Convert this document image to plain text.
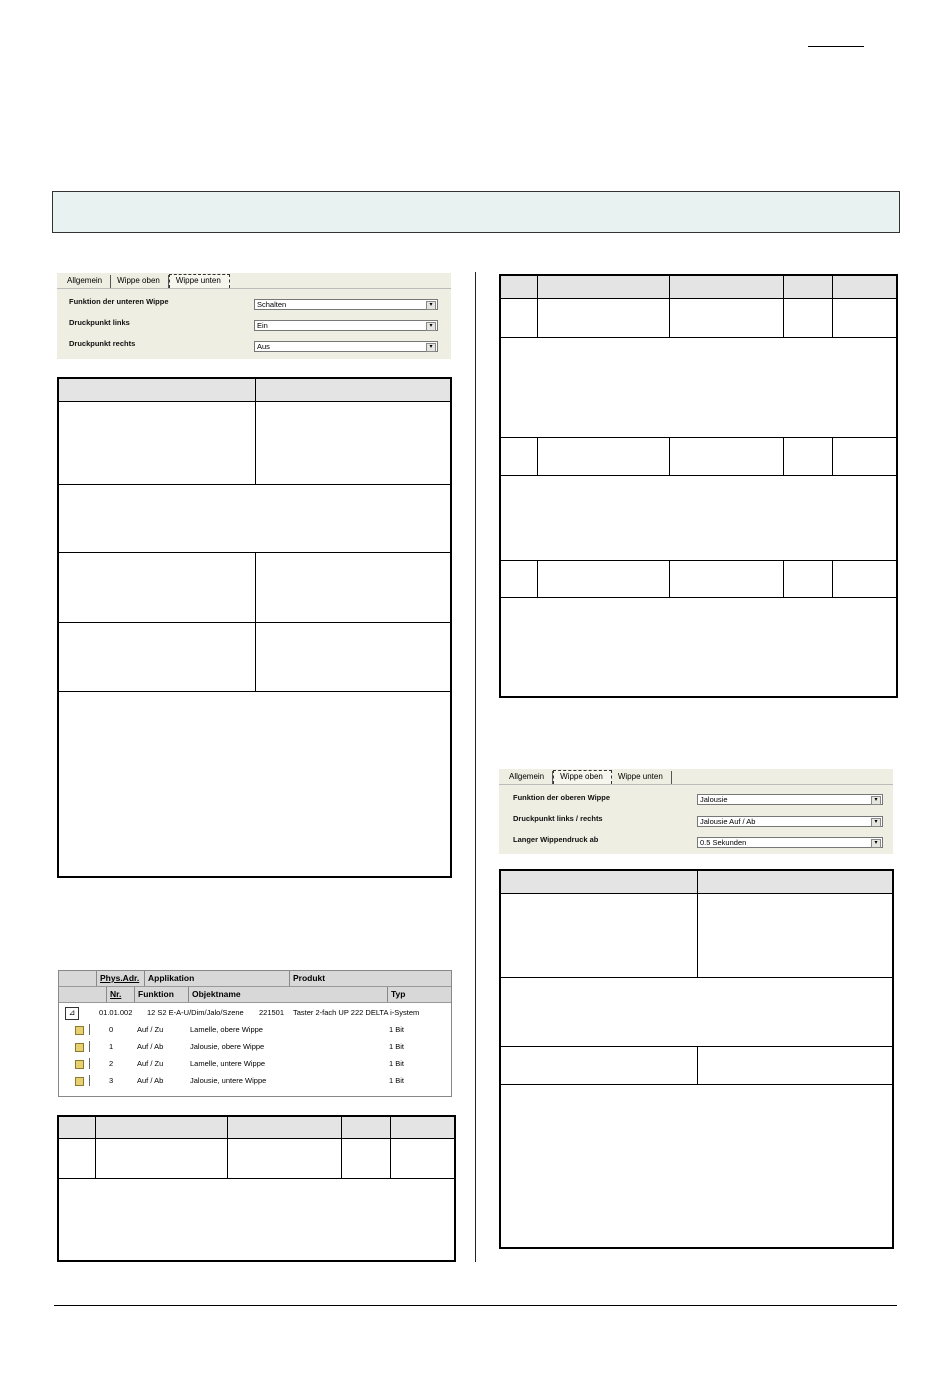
Allgemein	Wippe oben	Wippe unten
Funktion der unteren Wippe	Schalten	▾
Druckpunkt links	Ein	▾
Druckpunkt rechts	Aus	▾
Phys.Adr.	Applikation	Produkt
Nr.	Funktion	Objektname	Typ
⊿	01.01.002 12 S2 E-A-U/Dim/Jalo/Szene 221501 Taster 2-fach UP 222 DELTA i-System
0	Auf / Zu	Lamelle, obere Wippe	1 Bit
1	Auf / Ab	Jalousie, obere Wippe	1 Bit
2	Auf / Zu	Lamelle, untere Wippe	1 Bit
3	Auf / Ab	Jalousie, untere Wippe	1 Bit
Allgemein	Wippe oben	Wippe unten
Funktion der oberen Wippe	Jalousie	▾
Druckpunkt links / rechts	Jalousie Auf / Ab	▾
Langer Wippendruck ab	0.5 Sekunden	▾
